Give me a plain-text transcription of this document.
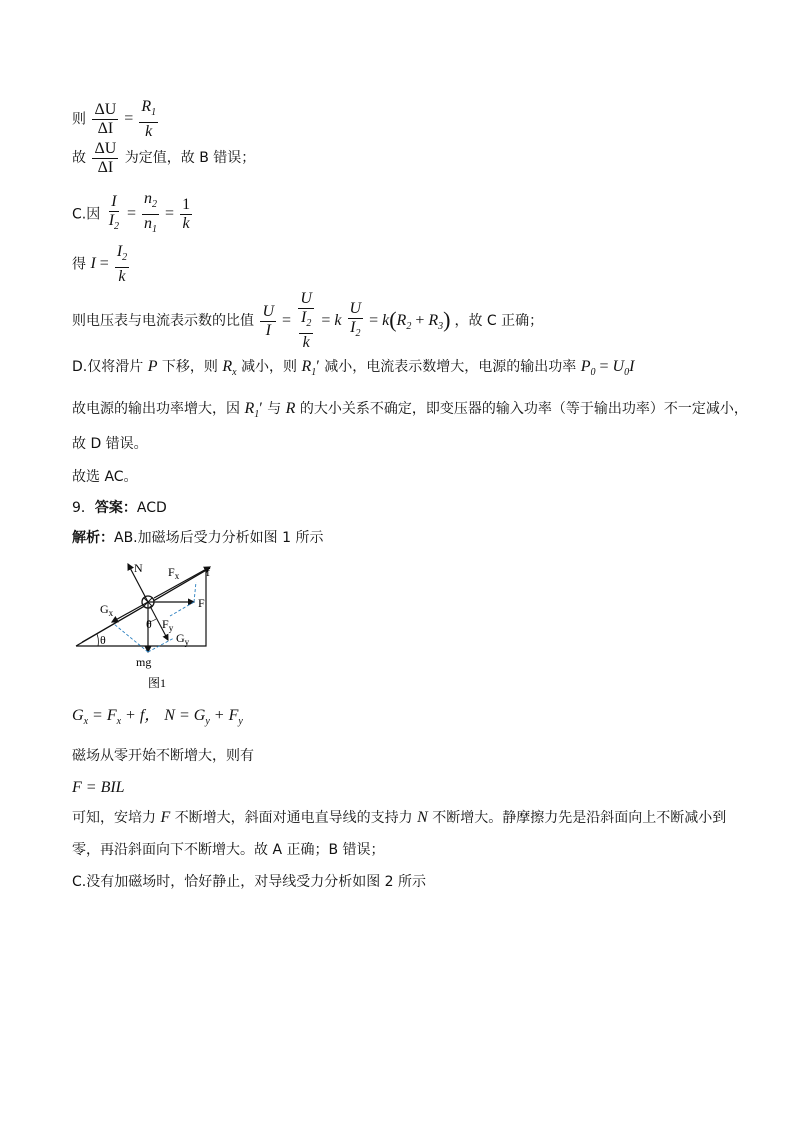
则 $\frac{\Delta U}{\Delta I} = \frac{R_1}{k}$
故 $\frac{\Delta U}{\Delta I}$ 为定值，故 B 错误；
C.因 $\frac{I}{I_2} = \frac{n_2}{n_1} = \frac{1}{k}$
得 $I = \frac{I_2}{k}$
则电压表与电流表示数的比值 $\frac{U}{I} = \frac{U}{\frac{I_2}{k}} = k \frac{U}{I_2} = k(R_2 + R_3)$ ，故 C 正确；
D.仅将滑片 P 下移，则 $R_x$ 减小，则 $R_1'$ 减小，电流表示数增大，电源的输出功率 $P_0 = U_0I$
故电源的输出功率增大，因 $R_1'$ 与 R 的大小关系不确定，即变压器的输入功率（等于输出功率）不一定减小，
故 D 错误。
故选 AC。
9．答案：ACD
解析：AB.加磁场后受力分析如图 1 所示
N $F_x$ f
F
$G_x$
θ $F_y$
$G_y$
θ
mg
图1
$G_x = F_x + f$， $N = G_y + F_y$
磁场从零开始不断增大，则有
F = BIL
可知，安培力 F 不断增大，斜面对通电直导线的支持力 N 不断增大。静摩擦力先是沿斜面向上不断减小到
零，再沿斜面向下不断增大。故 A 正确；B 错误；
C.没有加磁场时，恰好静止，对导线受力分析如图 2 所示
